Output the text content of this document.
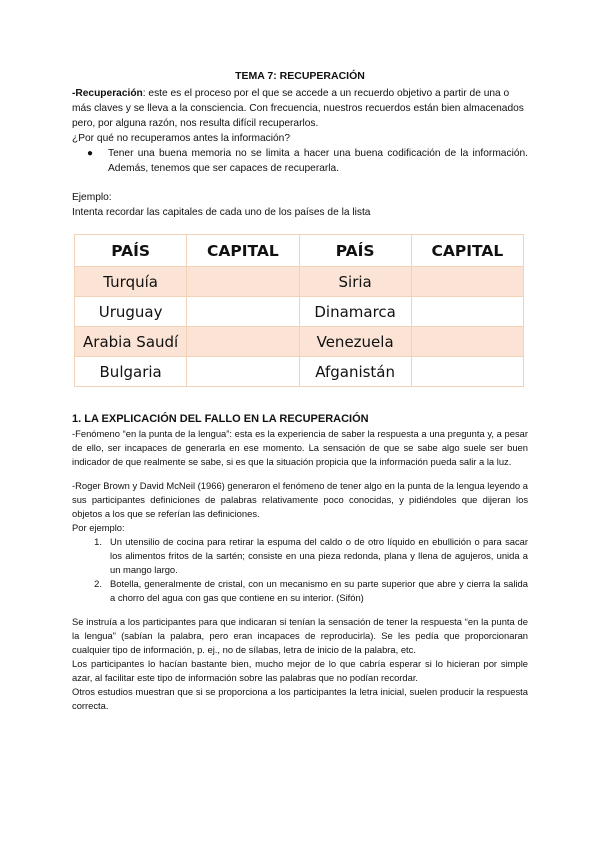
TEMA 7: RECUPERACIÓN

-Recuperación: este es el proceso por el que se accede a un recuerdo objetivo a partir de una o más claves y se lleva a la consciencia. Con frecuencia, nuestros recuerdos están bien almacenados pero, por alguna razón, nos resulta difícil recuperarlos.

¿Por qué no recuperamos antes la información?

●	Tener una buena memoria no se limita a hacer una buena codificación de la información. Además, tenemos que ser capaces de recuperarla.

Ejemplo:

Intenta recordar las capitales de cada uno de los países de la lista

PAÍS	CAPITAL	PAÍS	CAPITAL
Turquía		Siria	
Uruguay		Dinamarca	
Arabia Saudí		Venezuela	
Bulgaria		Afganistán	
1. LA EXPLICACIÓN DEL FALLO EN LA RECUPERACIÓN

-Fenómeno “en la punta de la lengua”: esta es la experiencia de saber la respuesta a una pregunta y, a pesar de ello, ser incapaces de generarla en ese momento. La sensación de que se sabe algo suele ser buen indicador de que realmente se sabe, si es que la situación propicia que la información pueda salir a la luz.

-Roger Brown y David McNeil (1966) generaron el fenómeno de tener algo en la punta de la lengua leyendo a sus participantes definiciones de palabras relativamente poco conocidas, y pidiéndoles que dijeran los objetos a los que se referían las definiciones.

Por ejemplo:

1. Un utensilio de cocina para retirar la espuma del caldo o de otro líquido en ebullición o para sacar los alimentos fritos de la sartén; consiste en una pieza redonda, plana y llena de agujeros, unida a un mango largo.

2. Botella, generalmente de cristal, con un mecanismo en su parte superior que abre y cierra la salida a chorro del agua con gas que contiene en su interior. (Sifón)

Se instruía a los participantes para que indicaran si tenían la sensación de tener la respuesta “en la punta de la lengua” (sabían la palabra, pero eran incapaces de reproducirla). Se les pedía que proporcionaran cualquier tipo de información, p. ej., no de sílabas, letra de inicio de la palabra, etc.

Los participantes lo hacían bastante bien, mucho mejor de lo que cabría esperar si lo hicieran por simple azar, al facilitar este tipo de información sobre las palabras que no podían recordar.

Otros estudios muestran que si se proporciona a los participantes la letra inicial, suelen producir la respuesta correcta.
